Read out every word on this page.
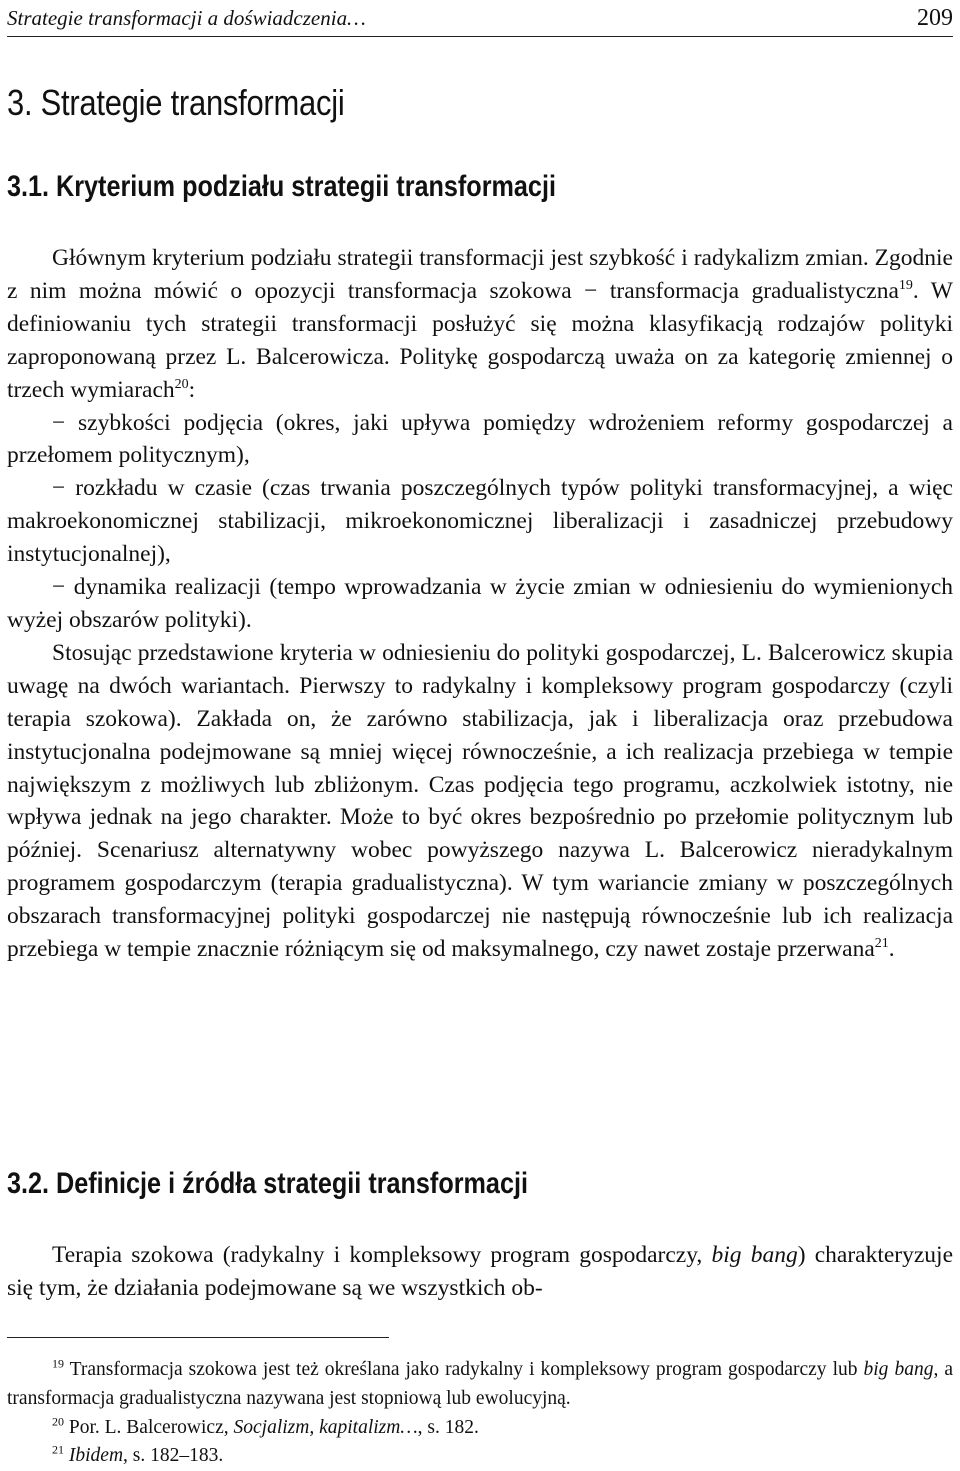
Strategie transformacji a doświadczenia…	209
3. Strategie transformacji
3.1. Kryterium podziału strategii transformacji

Głównym kryterium podziału strategii transformacji jest szybkość i radykalizm zmian. Zgodnie z nim można mówić o opozycji transformacja szokowa − transformacja gradualistyczna$^{19}$. W definiowaniu tych strategii transformacji posłużyć się można klasyfikacją rodzajów polityki zaproponowaną przez L. Balcerowicza. Politykę gospodarczą uważa on za kategorię zmiennej o trzech wymiarach$^{20}$:

− szybkości podjęcia (okres, jaki upływa pomiędzy wdrożeniem reformy gospodarczej a przełomem politycznym),

− rozkładu w czasie (czas trwania poszczególnych typów polityki transformacyjnej, a więc makroekonomicznej stabilizacji, mikroekonomicznej liberalizacji i zasadniczej przebudowy instytucjonalnej),

− dynamika realizacji (tempo wprowadzania w życie zmian w odniesieniu do wymienionych wyżej obszarów polityki).

Stosując przedstawione kryteria w odniesieniu do polityki gospodarczej, L. Balcerowicz skupia uwagę na dwóch wariantach. Pierwszy to radykalny i kompleksowy program gospodarczy (czyli terapia szokowa). Zakłada on, że zarówno stabilizacja, jak i liberalizacja oraz przebudowa instytucjonalna podejmowane są mniej więcej równocześnie, a ich realizacja przebiega w tempie największym z możliwych lub zbliżonym. Czas podjęcia tego programu, aczkolwiek istotny, nie wpływa jednak na jego charakter. Może to być okres bezpośrednio po przełomie politycznym lub później. Scenariusz alternatywny wobec powyższego nazywa L. Balcerowicz nieradykalnym programem gospodarczym (terapia gradualistyczna). W tym wariancie zmiany w poszczególnych obszarach transformacyjnej polityki gospodarczej nie następują równocześnie lub ich realizacja przebiega w tempie znacznie różniącym się od maksymalnego, czy nawet zostaje przerwana$^{21}$.

3.2. Definicje i źródła strategii transformacji

Terapia szokowa (radykalny i kompleksowy program gospodarczy, big bang) charakteryzuje się tym, że działania podejmowane są we wszystkich ob-

$^{19}$ Transformacja szokowa jest też określana jako radykalny i kompleksowy program gospodarczy lub big bang, a transformacja gradualistyczna nazywana jest stopniową lub ewolucyjną.

$^{20}$ Por. L. Balcerowicz, Socjalizm, kapitalizm…, s. 182.

$^{21}$ Ibidem, s. 182–183.
